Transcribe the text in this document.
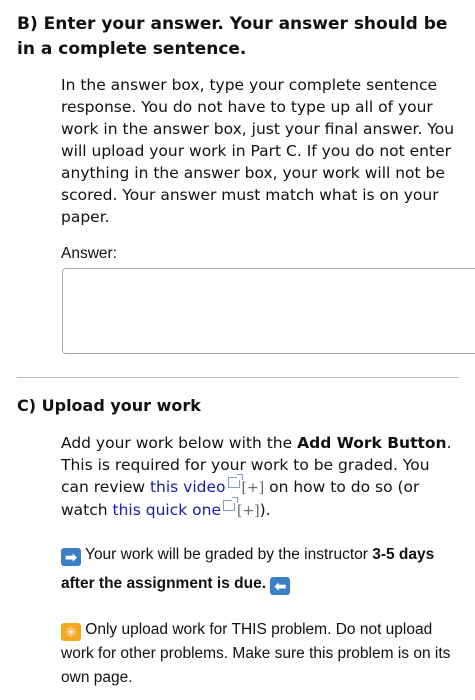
B) Enter your answer. Your answer should be in a complete sentence.
In the answer box, type your complete sentence response. You do not have to type up all of your work in the answer box, just your final answer. You will upload your work in Part C. If you do not enter anything in the answer box, your work will not be scored. Your answer must match what is on your paper.
Answer:
C) Upload your work
Add your work below with the Add Work Button. This is required for your work to be graded. You can review this video [+] on how to do so (or watch this quick one [+]).
➡ Your work will be graded by the instructor 3-5 days after the assignment is due. ⬅
✳ Only upload work for THIS problem. Do not upload work for other problems. Make sure this problem is on its own page.
